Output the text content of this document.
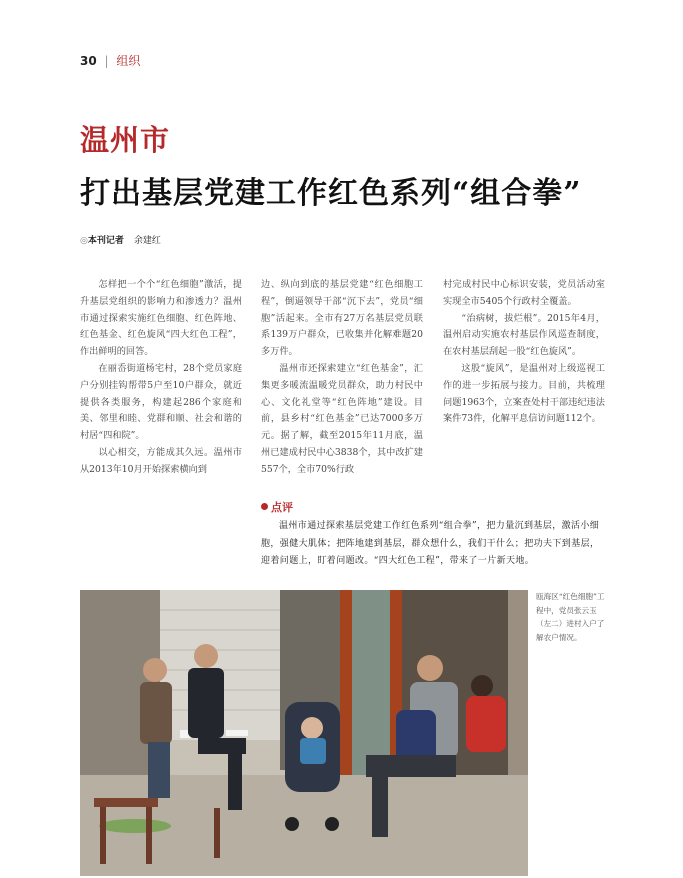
30 | 组织
温州市
打出基层党建工作红色系列“组合拳”
◎本刊记者 余建红

怎样把一个个“红色细胞”激活，提升基层党组织的影响力和渗透力？温州市通过探索实施红色细胞、红色阵地、红色基金、红色旋风“四大红色工程”，作出鲜明的回答。

在丽岙街道杨宅村，28个党员家庭户分别挂钩帮带5户至10户群众，就近提供各类服务，构建起286个家庭和美、邻里和睦、党群和顺、社会和谐的村居“四和院”。

以心相交，方能成其久远。温州市从2013年10月开始探索横向到

边、纵向到底的基层党建“红色细胞工程”，倒逼领导干部“沉下去”，党员“细胞”活起来。全市有27万名基层党员联系139万户群众，已收集并化解难题20多万件。

温州市还探索建立“红色基金”，汇集更多暖流温暖党员群众，助力村民中心、文化礼堂等“红色阵地”建设。目前，县乡村“红色基金”已达7000多万元。据了解，截至2015年11月底，温州已建成村民中心3838个，其中改扩建557个，全市70%行政

村完成村民中心标识安装，党员活动室实现全市5405个行政村全覆盖。

“治病树，拔烂根”。2015年4月，温州启动实施农村基层作风巡查制度，在农村基层刮起一股“红色旋风”。

这股“旋风”，是温州对上级巡视工作的进一步拓展与接力。目前，共梳理问题1963个，立案查处村干部违纪违法案件73件，化解平息信访问题112个。

点评
温州市通过探索基层党建工作红色系列“组合拳”，把力量沉到基层，激活小细胞，强健大肌体；把阵地建到基层，群众想什么，我们干什么；把功夫下到基层，迎着问题上，盯着问题改。“四大红色工程”，带来了一片新天地。
瓯海区“红色细胞”工程中，党员张云玉（左二）进村入户了解农户情况。
